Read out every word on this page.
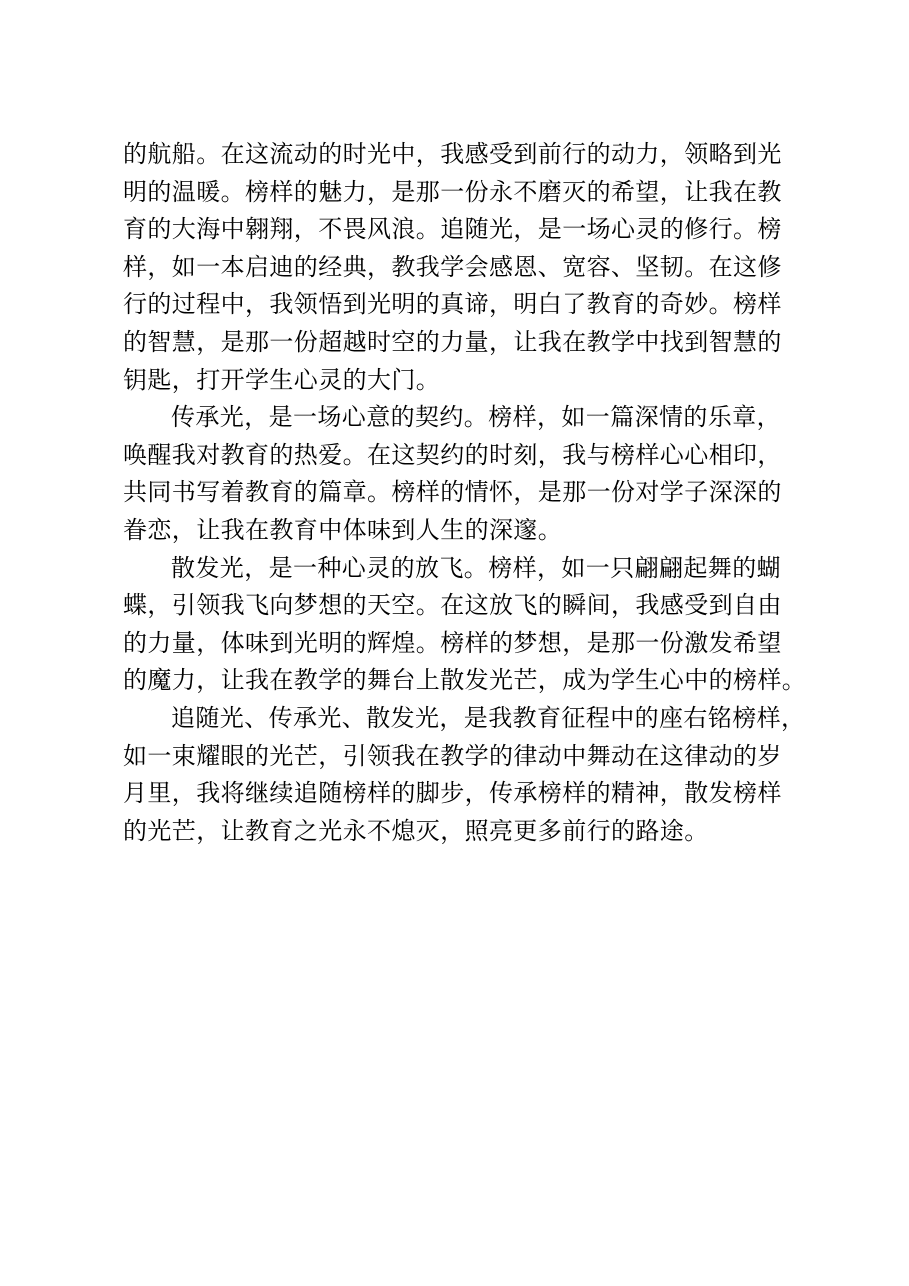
的航船。在这流动的时光中，我感受到前行的动力，领略到光
明的温暖。榜样的魅力，是那一份永不磨灭的希望，让我在教
育的大海中翱翔，不畏风浪。追随光，是一场心灵的修行。榜
样，如一本启迪的经典，教我学会感恩、宽容、坚韧。在这修
行的过程中，我领悟到光明的真谛，明白了教育的奇妙。榜样
的智慧，是那一份超越时空的力量，让我在教学中找到智慧的
钥匙，打开学生心灵的大门。
传承光，是一场心意的契约。榜样，如一篇深情的乐章，
唤醒我对教育的热爱。在这契约的时刻，我与榜样心心相印，
共同书写着教育的篇章。榜样的情怀，是那一份对学子深深的
眷恋，让我在教育中体味到人生的深邃。
散发光，是一种心灵的放飞。榜样，如一只翩翩起舞的蝴
蝶，引领我飞向梦想的天空。在这放飞的瞬间，我感受到自由
的力量，体味到光明的辉煌。榜样的梦想，是那一份激发希望
的魔力，让我在教学的舞台上散发光芒，成为学生心中的榜样。
追随光、传承光、散发光，是我教育征程中的座右铭榜样，
如一束耀眼的光芒，引领我在教学的律动中舞动在这律动的岁
月里，我将继续追随榜样的脚步，传承榜样的精神，散发榜样
的光芒，让教育之光永不熄灭，照亮更多前行的路途。
